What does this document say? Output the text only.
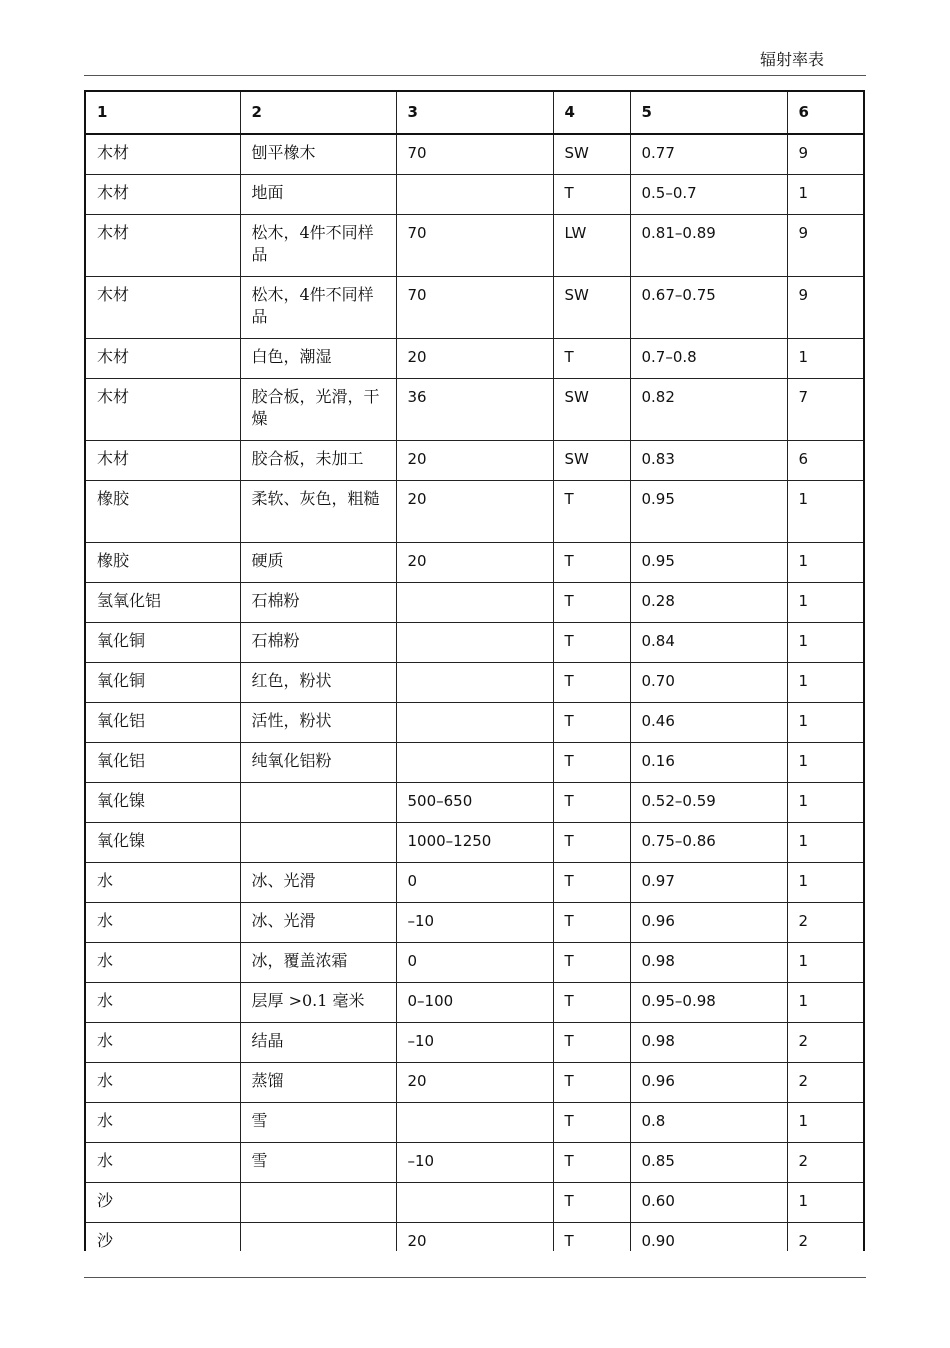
辐射率表
1	2	3	4	5	6
木材	刨平橡木	70	SW	0.77	9
木材	地面		T	0.5–0.7	1
木材	松木，4件不同样品	70	LW	0.81–0.89	9
木材	松木，4件不同样品	70	SW	0.67–0.75	9
木材	白色，潮湿	20	T	0.7–0.8	1
木材	胶合板，光滑，干燥	36	SW	0.82	7
木材	胶合板，未加工	20	SW	0.83	6
橡胶	柔软、灰色，粗糙	20	T	0.95	1
橡胶	硬质	20	T	0.95	1
氢氧化铝	石棉粉		T	0.28	1
氧化铜	石棉粉		T	0.84	1
氧化铜	红色，粉状		T	0.70	1
氧化铝	活性，粉状		T	0.46	1
氧化铝	纯氧化铝粉		T	0.16	1
氧化镍		500–650	T	0.52–0.59	1
氧化镍		1000–1250	T	0.75–0.86	1
水	冰、光滑	0	T	0.97	1
水	冰、光滑	–10	T	0.96	2
水	冰，覆盖浓霜	0	T	0.98	1
水	层厚 >0.1 毫米	0–100	T	0.95–0.98	1
水	结晶	–10	T	0.98	2
水	蒸馏	20	T	0.96	2
水	雪		T	0.8	1
水	雪	–10	T	0.85	2
沙			T	0.60	1
沙		20	T	0.90	2
